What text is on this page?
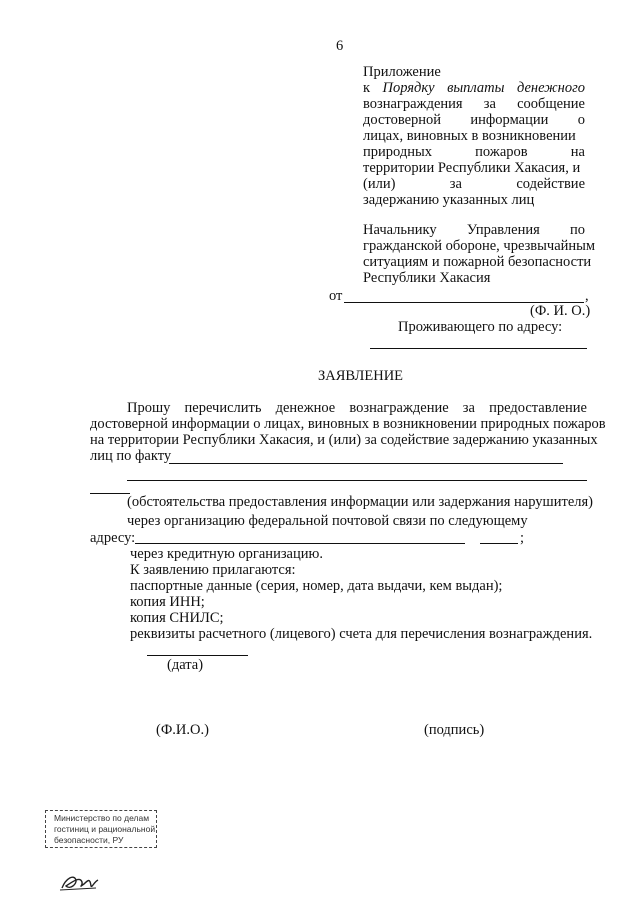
6
Приложение
к Порядку выплаты денежного
вознаграждения за сообщение
достоверной информации о
лицах, виновных в возникновении
природных	пожаров	на
территории Республики Хакасия, и
(или)	за	содействие
задержанию указанных лиц
Начальнику Управления по
гражданской обороне, чрезвычайным
ситуациям и пожарной безопасности
Республики Хакасия
от	,
(Ф. И. О.)
Проживающего по адресу:
ЗАЯВЛЕНИЕ
Прошу перечислить денежное вознаграждение за предоставление
достоверной информации о лицах, виновных в возникновении природных пожаров
на территории Республики Хакасия, и (или) за содействие задержанию указанных
лиц по факту
(обстоятельства предоставления информации или задержания нарушителя)
через организацию федеральной почтовой связи по следующему
адресу:	;
через кредитную организацию.
К заявлению прилагаются:
паспортные данные (серия, номер, дата выдачи, кем выдан);
копия ИНН;
копия СНИЛС;
реквизиты расчетного (лицевого) счета для перечисления вознаграждения.
(дата)
(Ф.И.О.)	(подпись)
Министерство по делам
гостиниц и рациональной
безопасности, РУ
